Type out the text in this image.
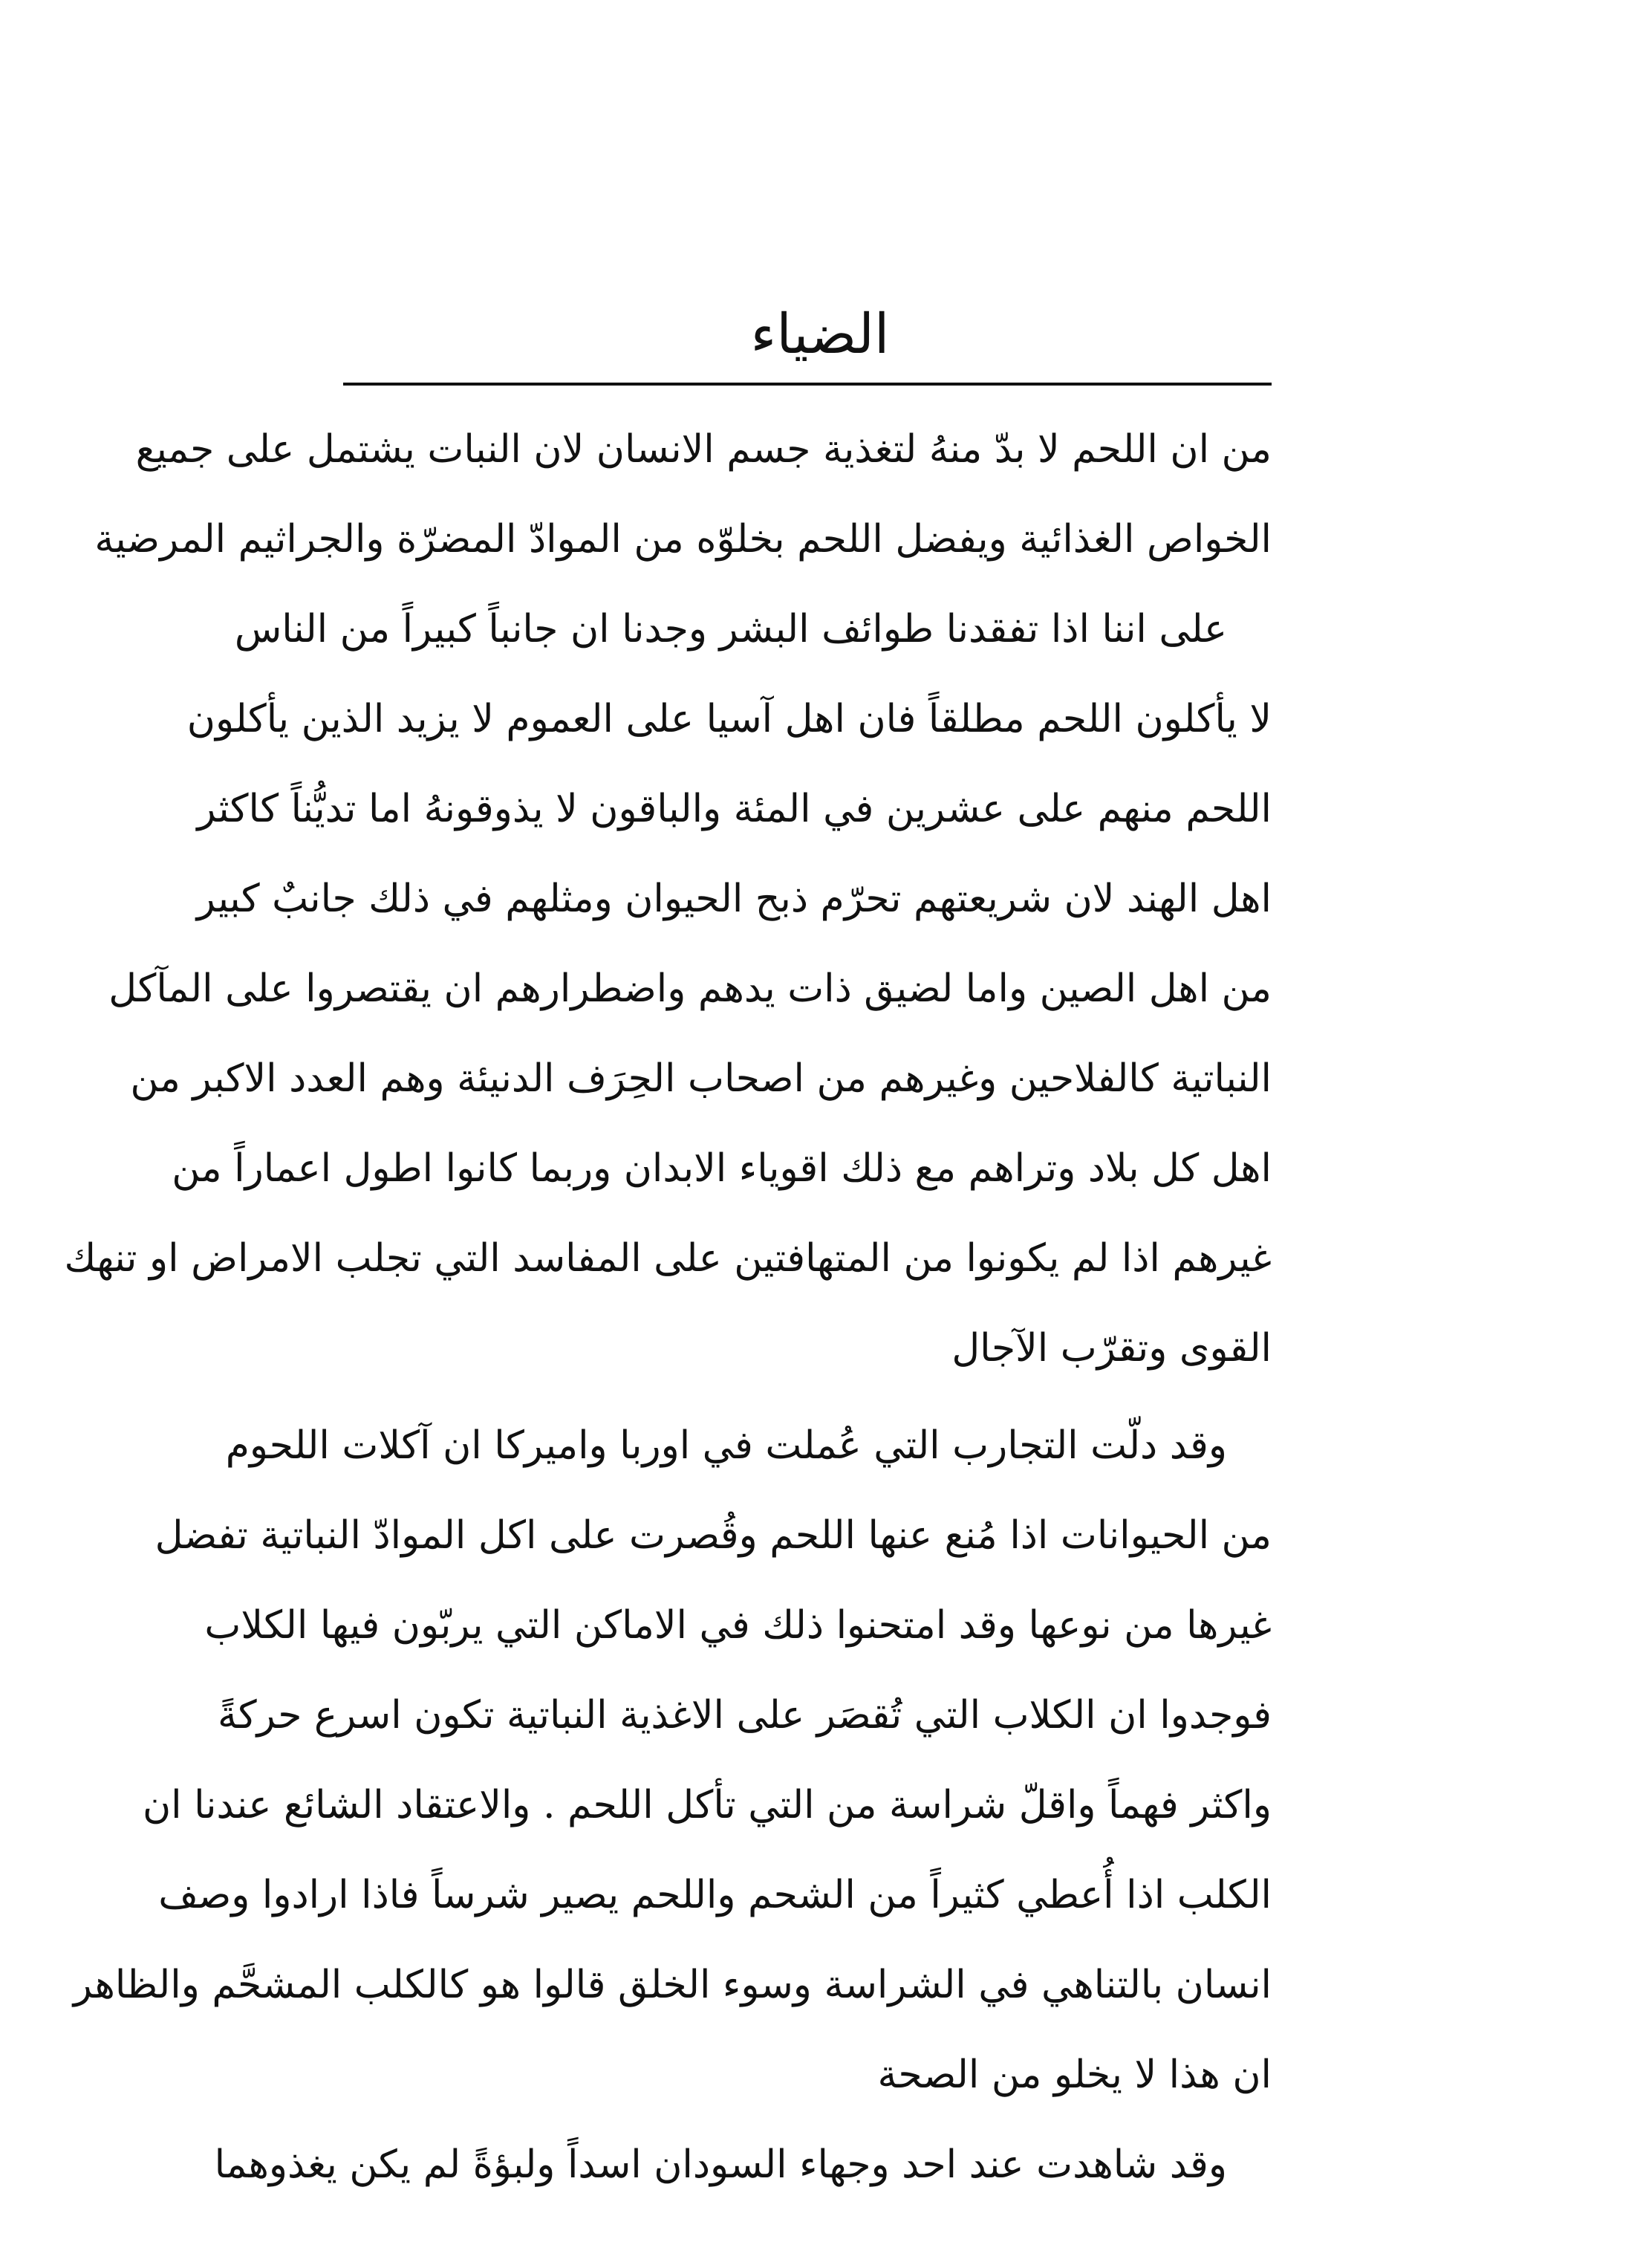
الضياء
من ان اللحم لا بدّ منهُ لتغذية جسم الانسان لان النبات يشتمل على جميع
الخواص الغذائية ويفضل اللحم بخلوّه من الموادّ المضرّة والجراثيم المرضية
على اننا اذا تفقدنا طوائف البشر وجدنا ان جانباً كبيراً من الناس
لا يأكلون اللحم مطلقاً فان اهل آسيا على العموم لا يزيد الذين يأكلون
اللحم منهم على عشرين في المئة والباقون لا يذوقونهُ اما تديُّناً كاكثر
اهل الهند لان شريعتهم تحرّم ذبح الحيوان ومثلهم في ذلك جانبٌ كبير
من اهل الصين واما لضيق ذات يدهم واضطرارهم ان يقتصروا على المآكل
النباتية كالفلاحين وغيرهم من اصحاب الحِرَف الدنيئة وهم العدد الاكبر من
اهل كل بلاد وتراهم مع ذلك اقوياء الابدان وربما كانوا اطول اعماراً من
غيرهم اذا لم يكونوا من المتهافتين على المفاسد التي تجلب الامراض او تنهك
القوى وتقرّب الآجال
وقد دلّت التجارب التي عُملت في اوربا واميركا ان آكلات اللحوم
من الحيوانات اذا مُنع عنها اللحم وقُصرت على اكل الموادّ النباتية تفضل
غيرها من نوعها وقد امتحنوا ذلك في الاماكن التي يربّون فيها الكلاب
فوجدوا ان الكلاب التي تُقصَر على الاغذية النباتية تكون اسرع حركةً
واكثر فهماً واقلّ شراسة من التي تأكل اللحم . والاعتقاد الشائع عندنا ان
الكلب اذا أُعطي كثيراً من الشحم واللحم يصير شرساً فاذا ارادوا وصف
انسان بالتناهي في الشراسة وسوء الخلق قالوا هو كالكلب المشحَّم والظاهر
ان هذا لا يخلو من الصحة
وقد شاهدت عند احد وجهاء السودان اسداً ولبؤةً لم يكن يغذوهما
